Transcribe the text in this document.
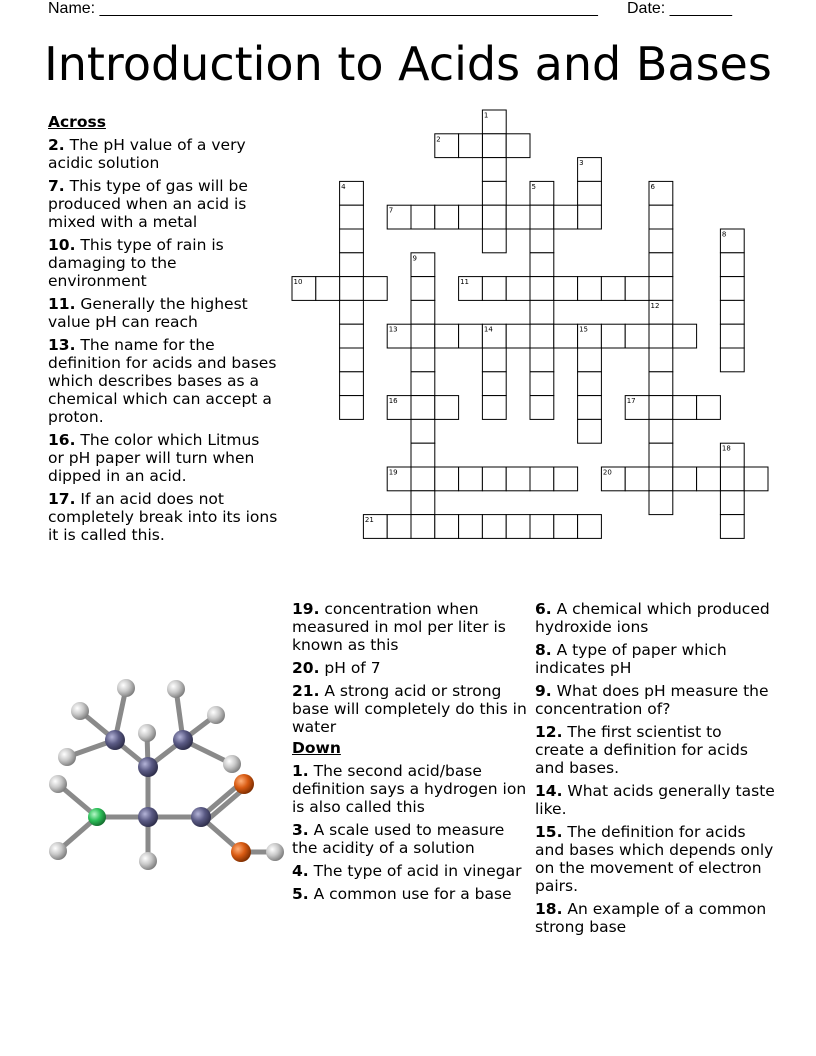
Name: ________________________________________________________ Date: _______
Introduction to Acids and Bases
Across
2. The pH value of a very acidic solution
7. This type of gas will be produced when an acid is mixed with a metal
10. This type of rain is damaging to the environment
11. Generally the highest value pH can reach
13. The name for the definition for acids and bases which describes bases as a chemical which can accept a proton.
16. The color which Litmus or pH paper will turn when dipped in an acid.
17. If an acid does not completely break into its ions it is called this.
19. concentration when measured in mol per liter is known as this
20. pH of 7
21. A strong acid or strong base will completely do this in water
Down
1. The second acid/base definition says a hydrogen ion is also called this
3. A scale used to measure the acidity of a solution
4. The type of acid in vinegar
5. A common use for a base
6. A chemical which produced hydroxide ions
8. A type of paper which indicates pH
9. What does pH measure the concentration of?
12. The first scientist to create a definition for acids and bases.
14. What acids generally taste like.
15. The definition for acids and bases which depends only on the movement of electron pairs.
18. An example of a common strong base
1
2
3
4	5	6
7
8
9
10	11
12
13	14	15
16	17
18
19	20
21
